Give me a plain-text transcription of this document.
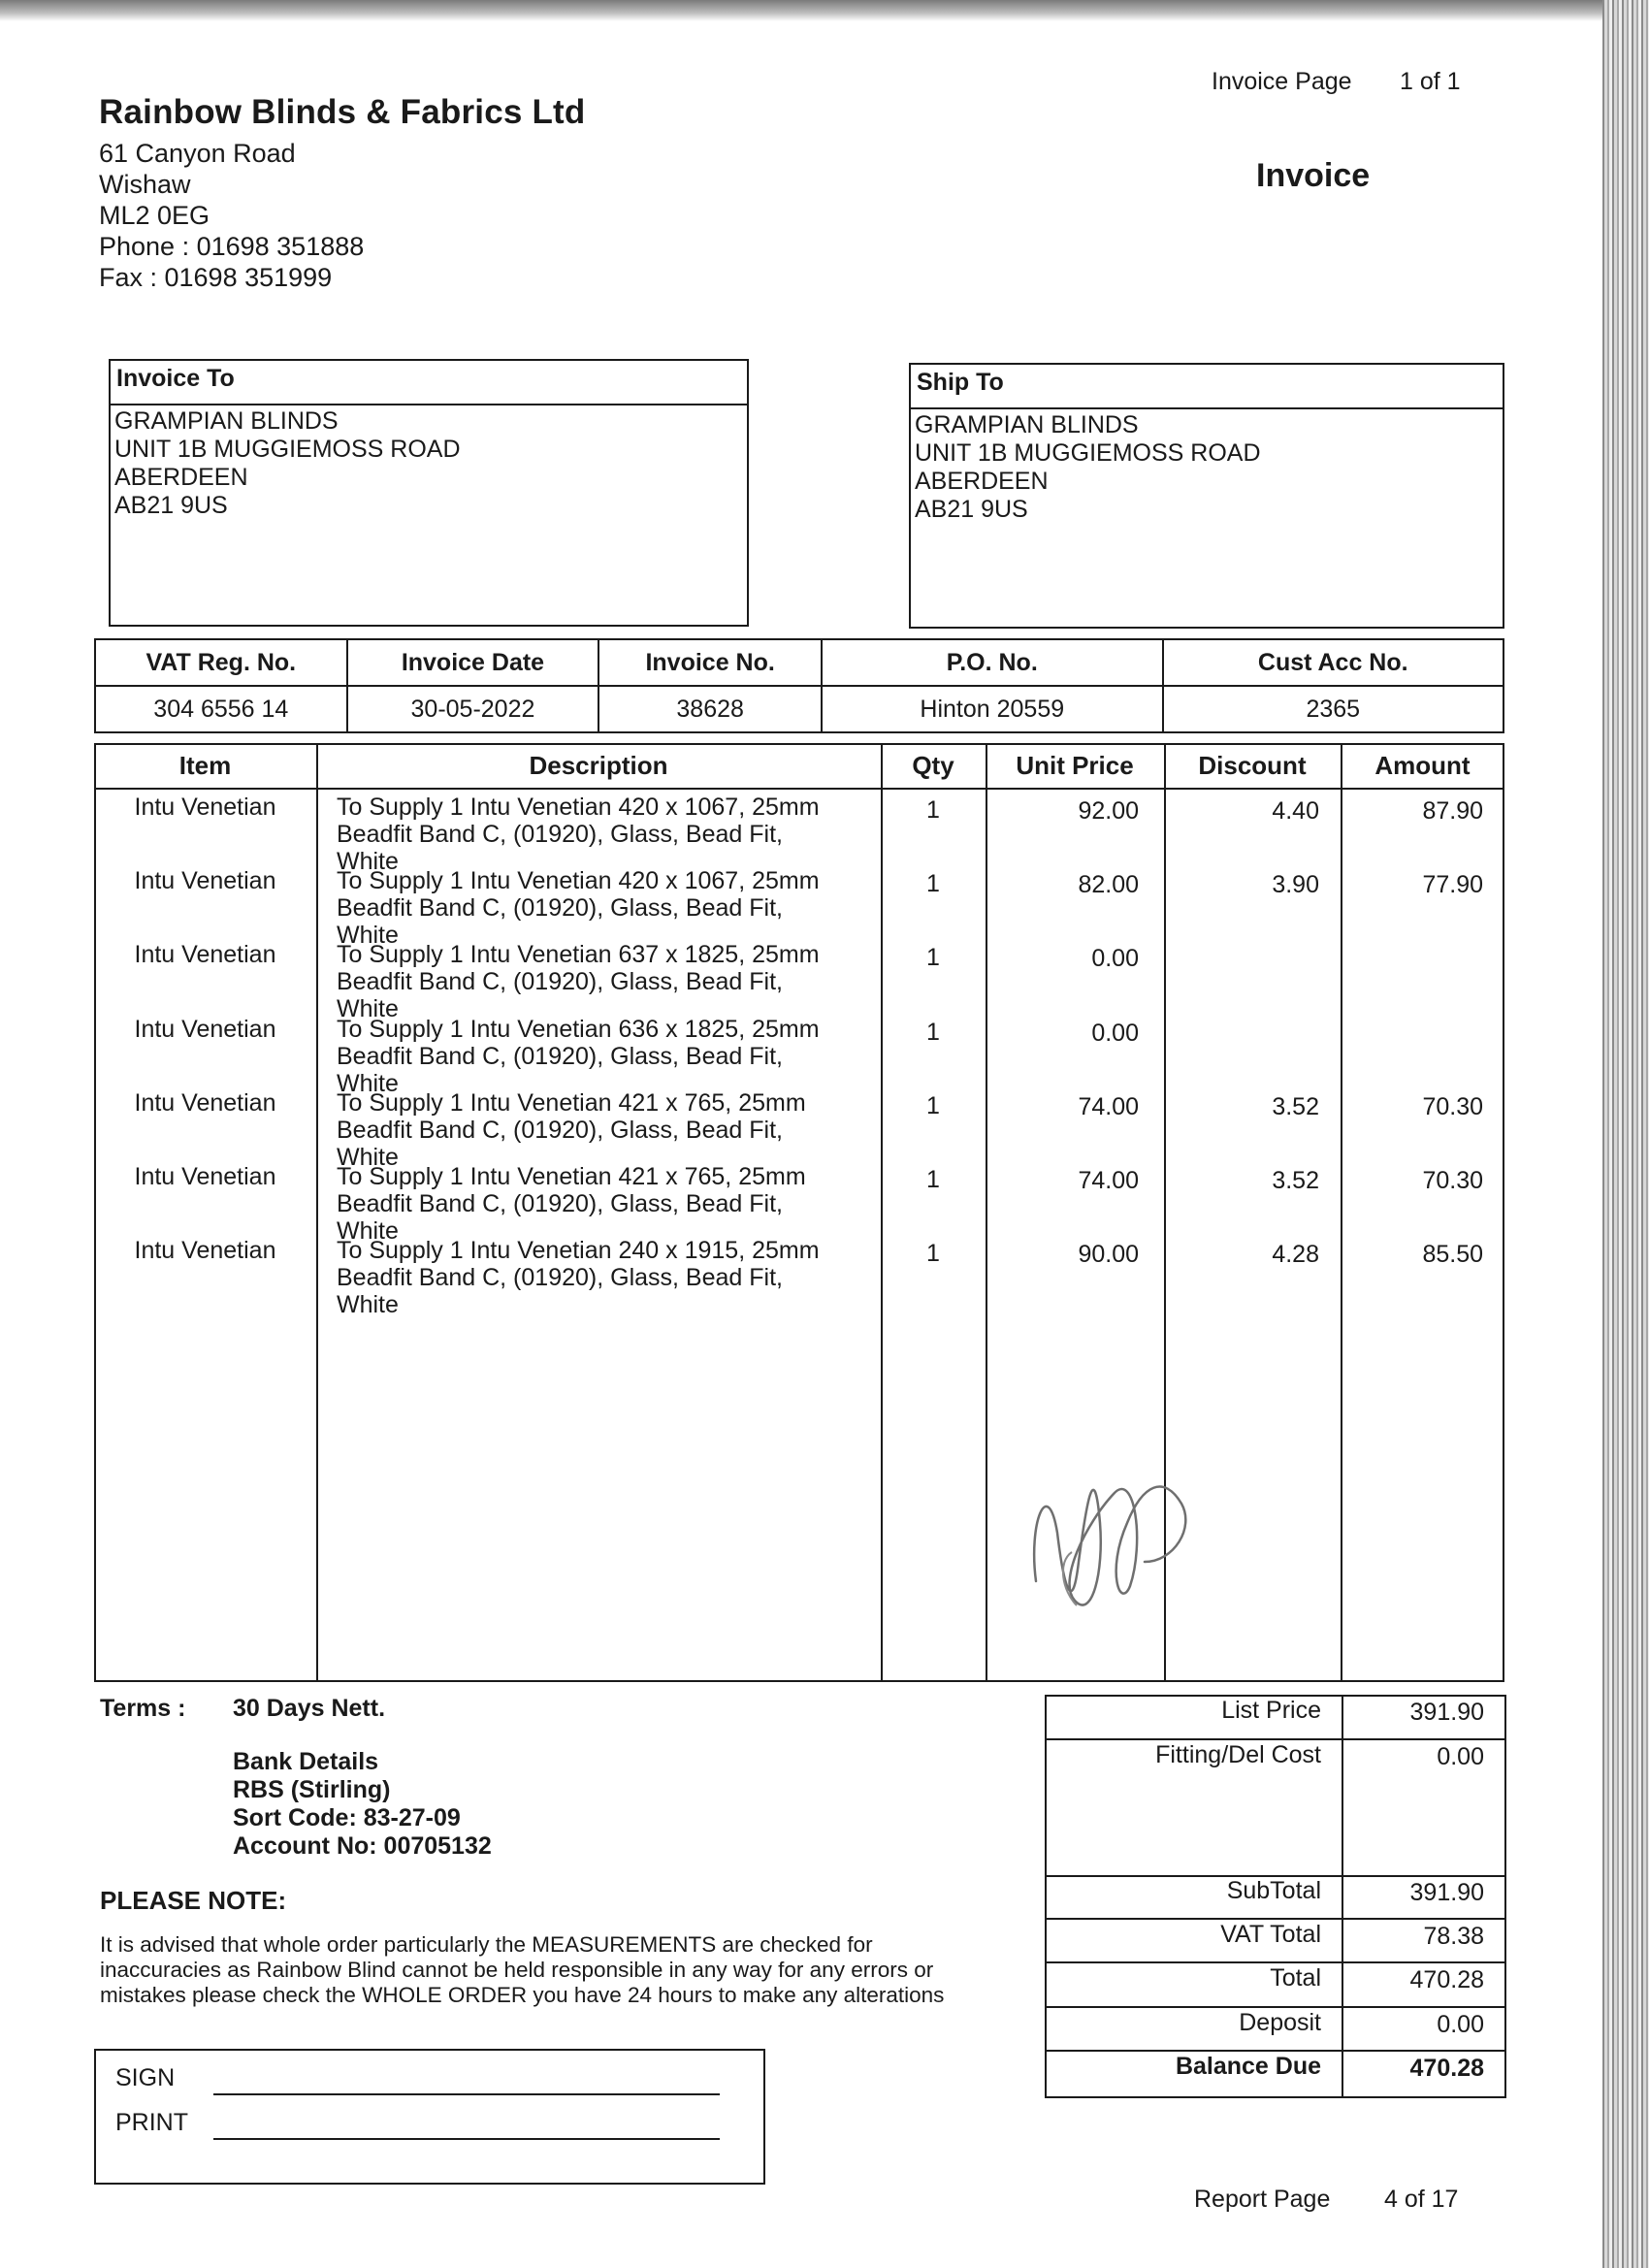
Rainbow Blinds & Fabrics Ltd
61 Canyon Road
Wishaw
ML2 0EG
Phone : 01698 351888
Fax : 01698 351999
Invoice Page 1 of 1
Invoice
Invoice To
GRAMPIAN BLINDS
UNIT 1B MUGGIEMOSS ROAD
ABERDEEN
AB21 9US
Ship To
GRAMPIAN BLINDS
UNIT 1B MUGGIEMOSS ROAD
ABERDEEN
AB21 9US
VAT Reg. No.	Invoice Date	Invoice No.	P.O. No.	Cust Acc No.
304 6556 14	30-05-2022	38628	Hinton 20559	2365
Item	Description	Qty	Unit Price	Discount	Amount
Intu Venetian	To Supply 1 Intu Venetian 420 x 1067, 25mm
Beadfit Band C, (01920), Glass, Bead Fit,
White
1	92.00	4.40	87.90
Intu Venetian	To Supply 1 Intu Venetian 420 x 1067, 25mm
Beadfit Band C, (01920), Glass, Bead Fit,
White
1	82.00	3.90	77.90
Intu Venetian	To Supply 1 Intu Venetian 637 x 1825, 25mm
Beadfit Band C, (01920), Glass, Bead Fit,
White
1	0.00
Intu Venetian	To Supply 1 Intu Venetian 636 x 1825, 25mm
Beadfit Band C, (01920), Glass, Bead Fit,
White
1	0.00
Intu Venetian	To Supply 1 Intu Venetian 421 x 765, 25mm
Beadfit Band C, (01920), Glass, Bead Fit,
White
1	74.00	3.52	70.30
Intu Venetian	To Supply 1 Intu Venetian 421 x 765, 25mm
Beadfit Band C, (01920), Glass, Bead Fit,
White
1	74.00	3.52	70.30
Intu Venetian	To Supply 1 Intu Venetian 240 x 1915, 25mm
Beadfit Band C, (01920), Glass, Bead Fit,
White
1	90.00	4.28	85.50
Terms : 30 Days Nett.
Bank Details
RBS (Stirling)
Sort Code: 83-27-09
Account No: 00705132
PLEASE NOTE:
It is advised that whole order particularly the MEASUREMENTS are checked for
inaccuracies as Rainbow Blind cannot be held responsible in any way for any errors or
mistakes please check the WHOLE ORDER you have 24 hours to make any alterations
SIGN
PRINT
List Price	391.90
Fitting/Del Cost	0.00
SubTotal	391.90
VAT Total	78.38
Total	470.28
Deposit	0.00
Balance Due	470.28
Report Page 4 of 17
